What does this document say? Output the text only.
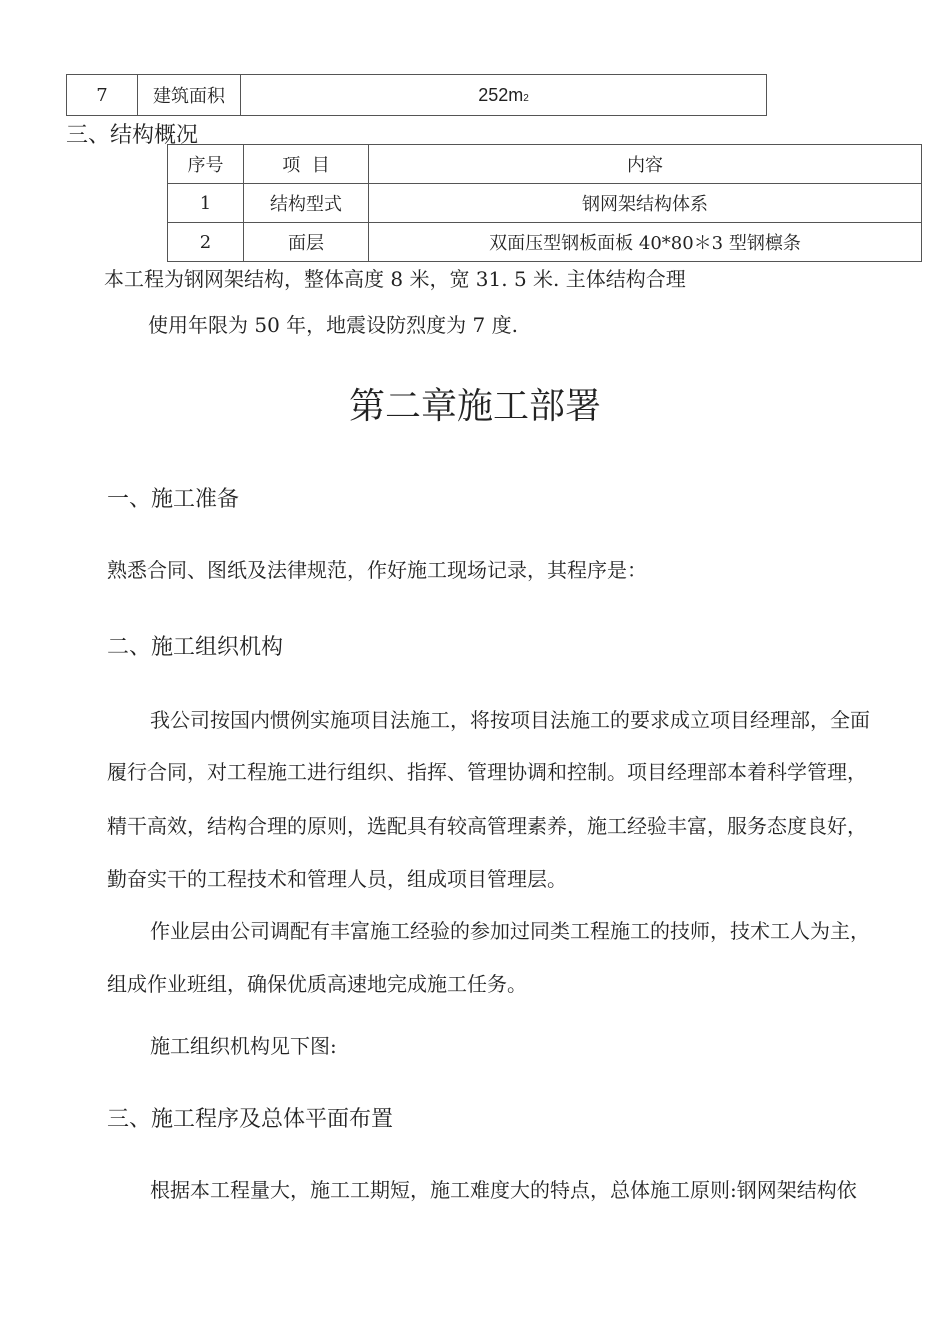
7	建筑面积	252m2
三、结构概况
序号	项  目	内容
1	结构型式	钢网架结构体系
2	面层	双面压型钢板面板 40*80＊3 型钢檩条
本工程为钢网架结构，整体高度 8 米，宽 31. 5 米. 主体结构合理
使用年限为 50 年，地震设防烈度为 7 度.
第二章施工部署
一、施工准备
熟悉合同、图纸及法律规范，作好施工现场记录，其程序是：
二、施工组织机构
我公司按国内惯例实施项目法施工，将按项目法施工的要求成立项目经理部，全面
履行合同，对工程施工进行组织、指挥、管理协调和控制。项目经理部本着科学管理，
精干高效，结构合理的原则，选配具有较高管理素养，施工经验丰富，服务态度良好，
勤奋实干的工程技术和管理人员，组成项目管理层。
作业层由公司调配有丰富施工经验的参加过同类工程施工的技师，技术工人为主，
组成作业班组，确保优质高速地完成施工任务。
施工组织机构见下图:
三、施工程序及总体平面布置
根据本工程量大，施工工期短，施工难度大的特点，总体施工原则:钢网架结构依
